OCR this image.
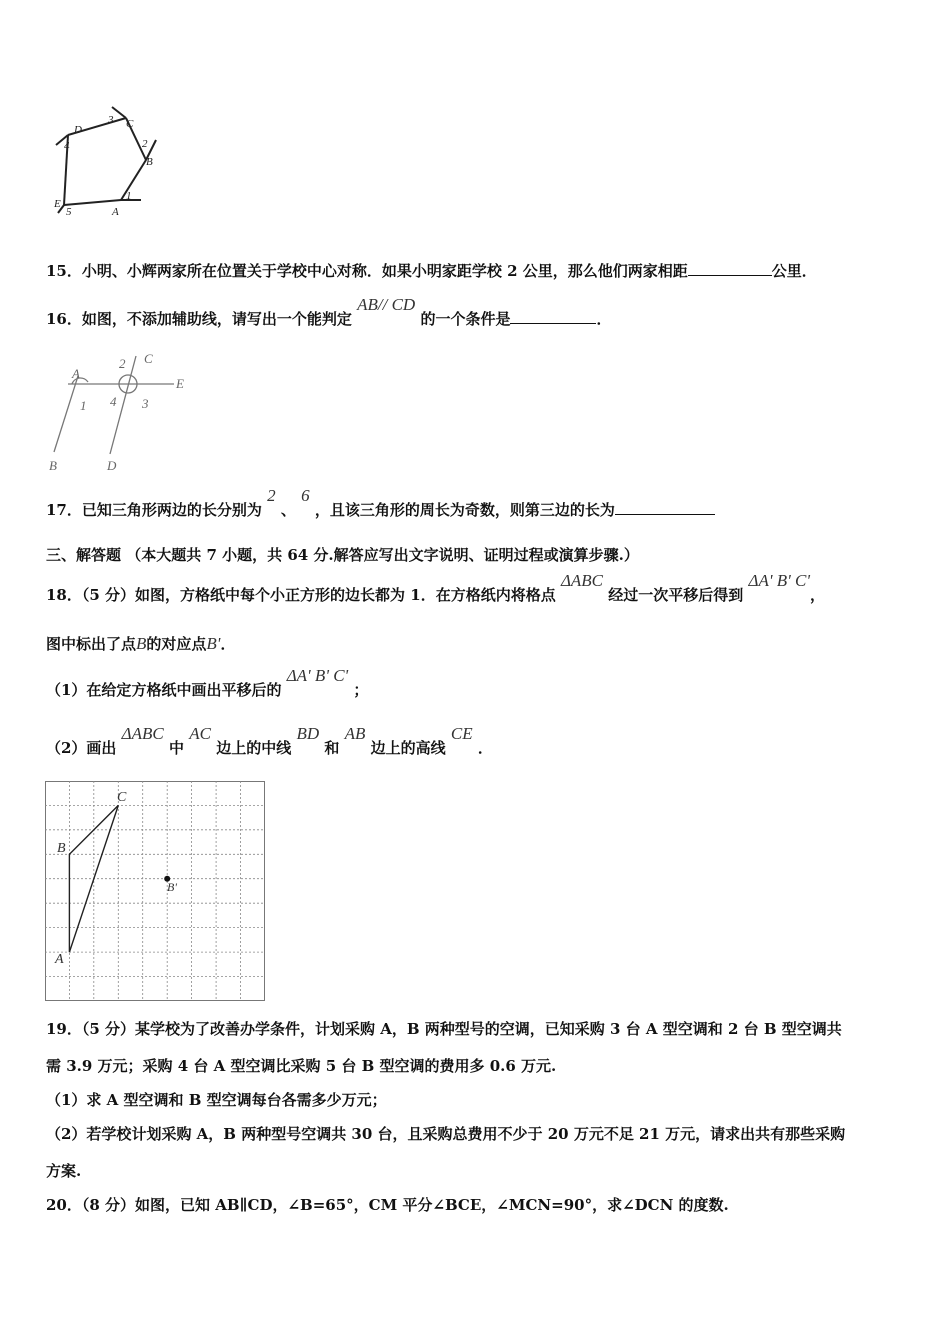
D	C
B
E
A
1
2
3
4
5
15．小明、小辉两家所在位置关于学校中心对称．如果小明家距学校 2 公里，那么他们两家相距	公里．
16．如图，不添加辅助线，请写出一个能判定 AB// CD 的一个条件是	．
A
C
E
B	D
1
2
3
4
17．已知三角形两边的长分别为 2 、 6 ，且该三角形的周长为奇数，则第三边的长为
三、解答题 （本大题共 7 小题，共 64 分.解答应写出文字说明、证明过程或演算步骤.）
18．（5 分）如图，方格纸中每个小正方形的边长都为 1．在方格纸内将格点 ΔABC 经过一次平移后得到 ΔA' B' C'，
图中标出了点B的对应点B'．
（1）在给定方格纸中画出平移后的 ΔA' B' C' ；
（2）画出 ΔABC 中 AC 边上的中线 BD 和 AB 边上的高线 CE ．
C
B
A
B'
19．（5 分）某学校为了改善办学条件，计划采购 A，B 两种型号的空调，已知采购 3 台 A 型空调和 2 台 B 型空调共
需 3.9 万元；采购 4 台 A 型空调比采购 5 台 B 型空调的费用多 0.6 万元.
（1）求 A 型空调和 B 型空调每台各需多少万元；
（2）若学校计划采购 A，B 两种型号空调共 30 台，且采购总费用不少于 20 万元不足 21 万元，请求出共有那些采购
方案.
20．（8 分）如图，已知 AB∥CD，∠B=65°，CM 平分∠BCE，∠MCN=90°，求∠DCN 的度数.
